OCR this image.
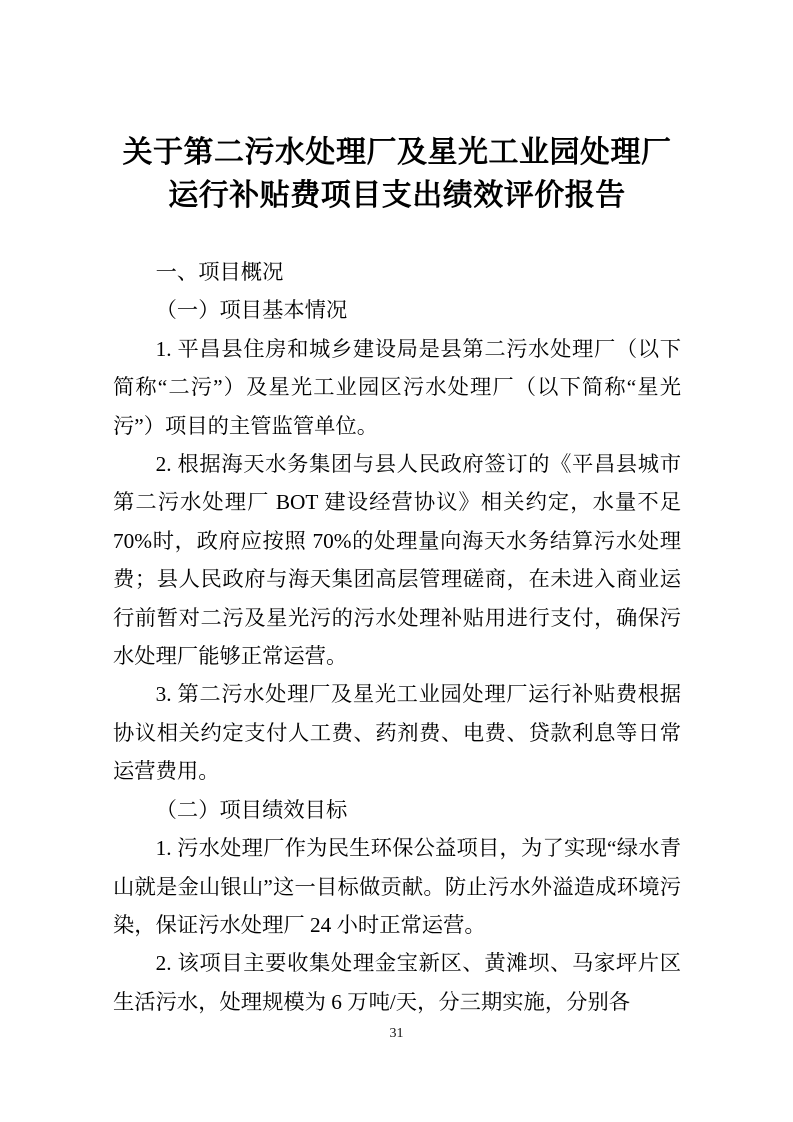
关于第二污水处理厂及星光工业园处理厂
运行补贴费项目支出绩效评价报告

一、项目概况

（一）项目基本情况

1. 平昌县住房和城乡建设局是县第二污水处理厂（以下简称“二污”）及星光工业园区污水处理厂（以下简称“星光污”）项目的主管监管单位。

2. 根据海天水务集团与县人民政府签订的《平昌县城市第二污水处理厂 BOT 建设经营协议》相关约定，水量不足 70%时，政府应按照 70%的处理量向海天水务结算污水处理费；县人民政府与海天集团高层管理磋商，在未进入商业运行前暂对二污及星光污的污水处理补贴用进行支付，确保污水处理厂能够正常运营。

3. 第二污水处理厂及星光工业园处理厂运行补贴费根据协议相关约定支付人工费、药剂费、电费、贷款利息等日常运营费用。

（二）项目绩效目标

1. 污水处理厂作为民生环保公益项目，为了实现“绿水青山就是金山银山”这一目标做贡献。防止污水外溢造成环境污染，保证污水处理厂 24 小时正常运营。

2. 该项目主要收集处理金宝新区、黄滩坝、马家坪片区生活污水，处理规模为 6 万吨/天，分三期实施，分别各

31
